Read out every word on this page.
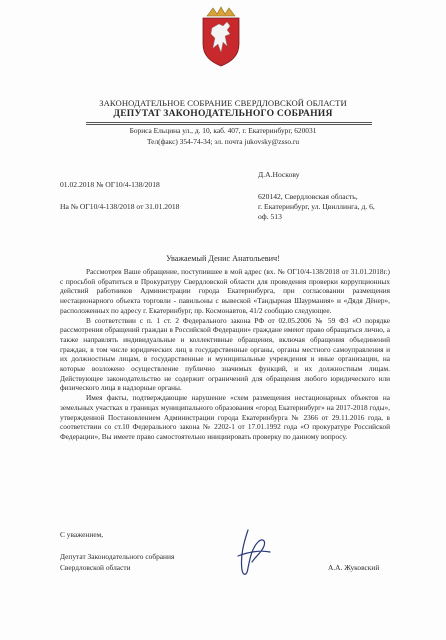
ЗАКОНОДАТЕЛЬНОЕ СОБРАНИЕ СВЕРДЛОВСКОЙ ОБЛАСТИ
ДЕПУТАТ ЗАКОНОДАТЕЛЬНОГО СОБРАНИЯ
Бориса Ельцина ул., д. 10, каб. 407, г. Екатеринбург, 620031
Тел(факс) 354-74-34; эл. почта jukovsky@zsso.ru
01.02.2018 № ОГ10/4-138/2018
На № ОГ10/4-138/2018 от 31.01.2018
Д.А.Носкову
620142, Свердловская область,
г. Екатеринбург, ул. Цвиллинга, д. 6,
оф. 513
Уважаемый Денис Анатольевич!

Рассмотрев Ваше обращение, поступившее в мой адрес (вх. № ОГ10/4-138/2018 от 31.01.2018г.) с просьбой обратиться в Прокуратуру Свердловской области для проведения проверки коррупционных действий работников Администрации города Екатеринбурга, при согласовании размещения нестационарного объекта торговли - павильоны с вывеской «Тандырная Шаурмания» и «Дядя Дёнер», расположенных по адресу г. Екатеринбург, пр. Космонавтов, 41/2 сообщаю следующее.

В соответствии с п. 1 ст. 2 Федерального закона РФ от 02.05.2006 № 59 ФЗ «О порядке рассмотрения обращений граждан в Российской Федерации» граждане имеют право обращаться лично, а также направлять индивидуальные и коллективные обращения, включая обращения объединений граждан, в том числе юридических лиц в государственные органы, органы местного самоуправления и их должностным лицам, в государственные и муниципальные учреждения и иные организации, на которые возложено осуществление публично значимых функций, и их должностным лицам. Действующее законодательство не содержит ограничений для обращения любого юридического или физического лица в надзорные органы.

Имея факты, подтверждающие нарушение «схем размещения нестационарных объектов на земельных участках в границах муниципального образования «город Екатеринбург» на 2017-2018 годы», утвержденной Постановлением Администрации города Екатеринбурга № 2366 от 29.11.2016 года, в соответствии со ст.10 Федерального закона № 2202-1 от 17.01.1992 года «О прокуратуре Российской Федерации», Вы имеете право самостоятельно инициировать проверку по данному вопросу.

С уважением,
Депутат Законодательного собрания
Свердловской области	А.А. Жуковский
